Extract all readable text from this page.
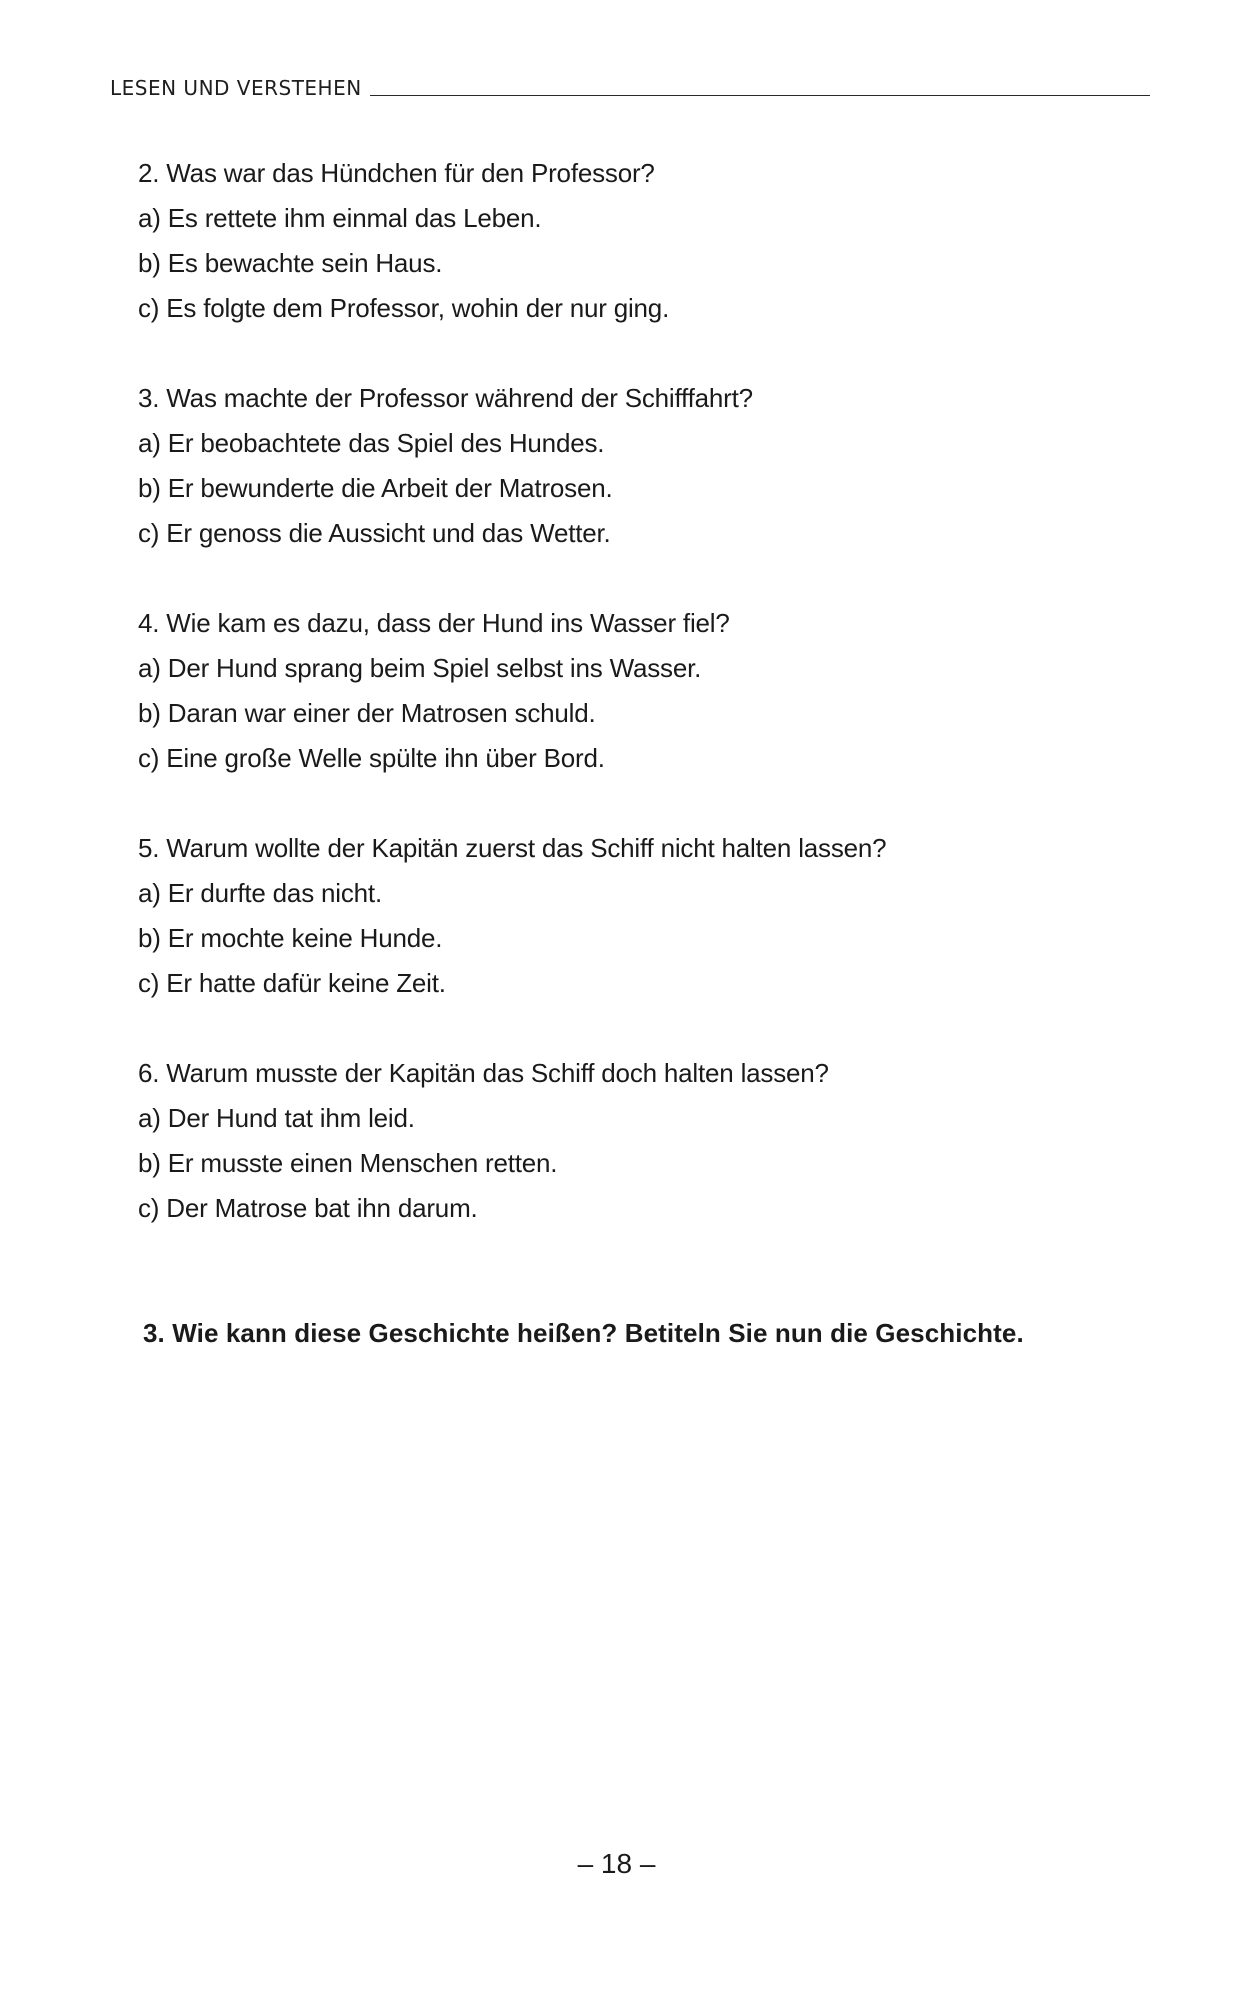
LESEN UND VERSTEHEN
2. Was war das Hündchen für den Professor?
a) Es rettete ihm einmal das Leben.
b) Es bewachte sein Haus.
c) Es folgte dem Professor, wohin der nur ging.
3. Was machte der Professor während der Schifffahrt?
a) Er beobachtete das Spiel des Hundes.
b) Er bewunderte die Arbeit der Matrosen.
c) Er genoss die Aussicht und das Wetter.
4. Wie kam es dazu, dass der Hund ins Wasser fiel?
a) Der Hund sprang beim Spiel selbst ins Wasser.
b) Daran war einer der Matrosen schuld.
c) Eine große Welle spülte ihn über Bord.
5. Warum wollte der Kapitän zuerst das Schiff nicht halten lassen?
a) Er durfte das nicht.
b) Er mochte keine Hunde.
c) Er hatte dafür keine Zeit.
6. Warum musste der Kapitän das Schiff doch halten lassen?
a) Der Hund tat ihm leid.
b) Er musste einen Menschen retten.
c) Der Matrose bat ihn darum.
3. Wie kann diese Geschichte heißen? Betiteln Sie nun die Geschichte.
– 18 –
